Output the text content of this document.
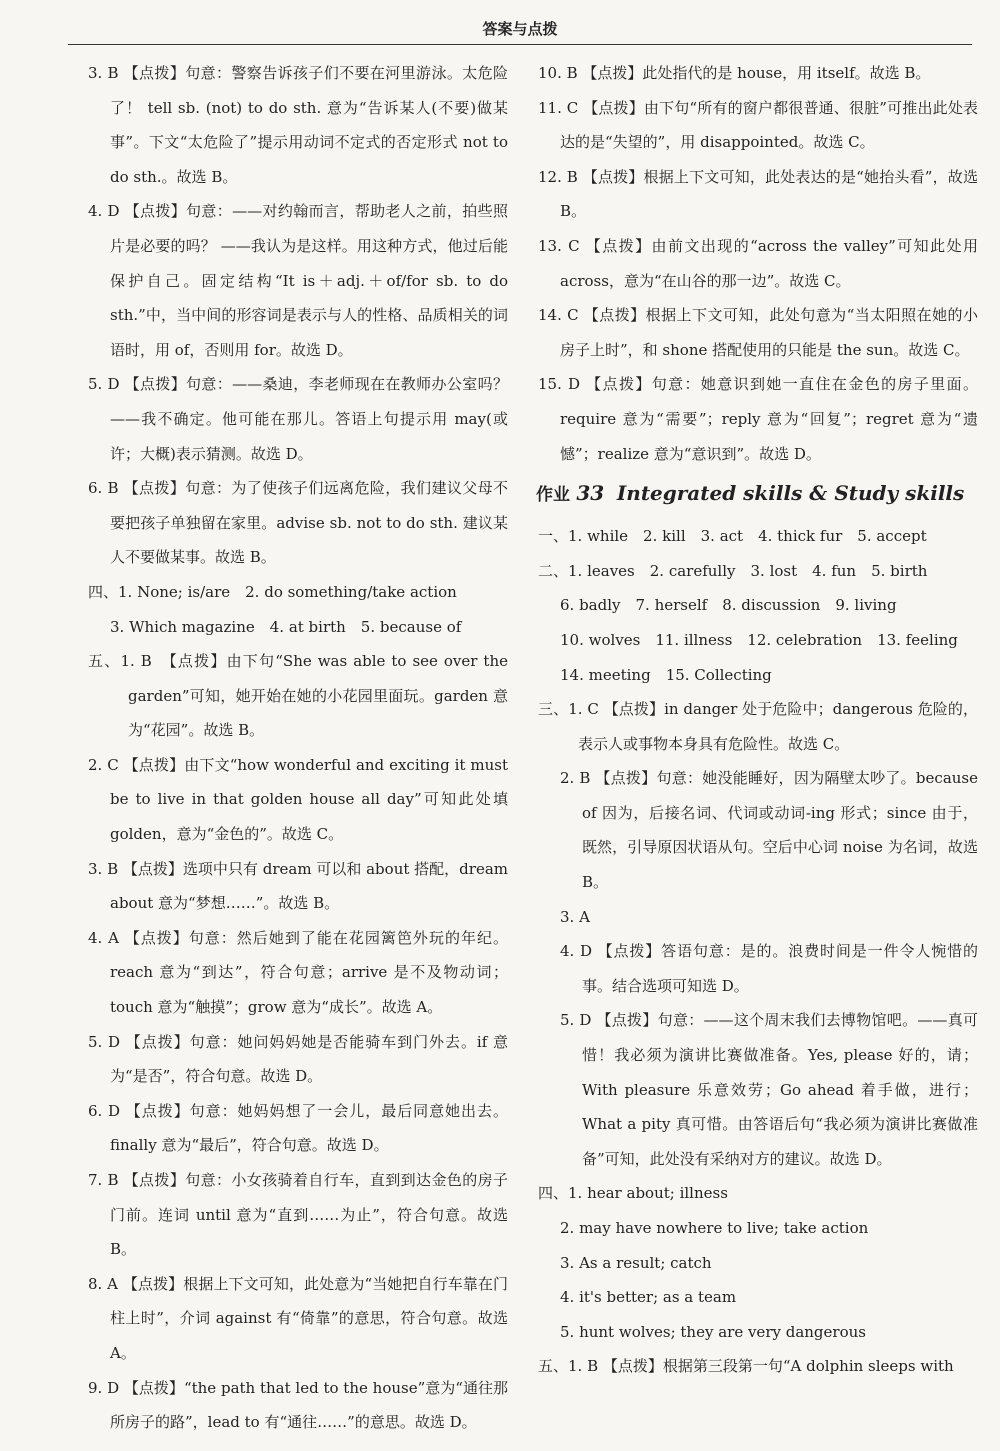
答案与点拨

3. B 【点拨】句意：警察告诉孩子们不要在河里游泳。太危险了！ tell sb. (not) to do sth. 意为“告诉某人(不要)做某事”。下文“太危险了”提示用动词不定式的否定形式 not to do sth.。故选 B。

4. D 【点拨】句意：——对约翰而言，帮助老人之前，拍些照片是必要的吗？ ——我认为是这样。用这种方式，他过后能保护自己。固定结构“It is＋adj.＋of/for sb. to do sth.”中，当中间的形容词是表示与人的性格、品质相关的词语时，用 of，否则用 for。故选 D。

5. D 【点拨】句意：——桑迪，李老师现在在教师办公室吗？ ——我不确定。他可能在那儿。答语上句提示用 may(或许；大概)表示猜测。故选 D。

6. B 【点拨】句意：为了使孩子们远离危险，我们建议父母不要把孩子单独留在家里。advise sb. not to do sth. 建议某人不要做某事。故选 B。

四、1. None; is/are　2. do something/take action

3. Which magazine　4. at birth　5. because of

五、1. B　【点拨】由下句“She was able to see over the garden”可知，她开始在她的小花园里面玩。garden 意为“花园”。故选 B。

2. C 【点拨】由下文“how wonderful and exciting it must be to live in that golden house all day”可知此处填 golden，意为“金色的”。故选 C。

3. B 【点拨】选项中只有 dream 可以和 about 搭配，dream about 意为“梦想……”。故选 B。

4. A 【点拨】句意：然后她到了能在花园篱笆外玩的年纪。reach 意为“到达”，符合句意；arrive 是不及物动词；touch 意为“触摸”；grow 意为“成长”。故选 A。

5. D 【点拨】句意：她问妈妈她是否能骑车到门外去。if 意为“是否”，符合句意。故选 D。

6. D 【点拨】句意：她妈妈想了一会儿，最后同意她出去。finally 意为“最后”，符合句意。故选 D。

7. B 【点拨】句意：小女孩骑着自行车，直到到达金色的房子门前。连词 until 意为“直到……为止”，符合句意。故选 B。

8. A 【点拨】根据上下文可知，此处意为“当她把自行车靠在门柱上时”，介词 against 有“倚靠”的意思，符合句意。故选 A。

9. D 【点拨】“the path that led to the house”意为“通往那所房子的路”，lead to 有“通往……”的意思。故选 D。

10. B 【点拨】此处指代的是 house，用 itself。故选 B。

11. C 【点拨】由下句“所有的窗户都很普通、很脏”可推出此处表达的是“失望的”，用 disappointed。故选 C。

12. B 【点拨】根据上下文可知，此处表达的是“她抬头看”，故选 B。

13. C 【点拨】由前文出现的“across the valley”可知此处用 across，意为“在山谷的那一边”。故选 C。

14. C 【点拨】根据上下文可知，此处句意为“当太阳照在她的小房子上时”，和 shone 搭配使用的只能是 the sun。故选 C。

15. D 【点拨】句意：她意识到她一直住在金色的房子里面。require 意为“需要”；reply 意为“回复”；regret 意为“遗憾”；realize 意为“意识到”。故选 D。

作业 33 Integrated skills & Study skills

一、1. while　2. kill　3. act　4. thick fur　5. accept

二、1. leaves　2. carefully　3. lost　4. fun　5. birth

6. badly　7. herself　8. discussion　9. living

10. wolves　11. illness　12. celebration　13. feeling

14. meeting　15. Collecting

三、1. C 【点拨】in danger 处于危险中；dangerous 危险的，表示人或事物本身具有危险性。故选 C。

2. B 【点拨】句意：她没能睡好，因为隔壁太吵了。because of 因为，后接名词、代词或动词-ing 形式；since 由于，既然，引导原因状语从句。空后中心词 noise 为名词，故选 B。

3. A

4. D 【点拨】答语句意：是的。浪费时间是一件令人惋惜的事。结合选项可知选 D。

5. D 【点拨】句意：——这个周末我们去博物馆吧。——真可惜！我必须为演讲比赛做准备。Yes, please 好的，请；With pleasure 乐意效劳；Go ahead 着手做，进行；What a pity 真可惜。由答语后句“我必须为演讲比赛做准备”可知，此处没有采纳对方的建议。故选 D。

四、1. hear about; illness

2. may have nowhere to live; take action

3. As a result; catch

4. it's better; as a team

5. hunt wolves; they are very dangerous

五、1. B 【点拨】根据第三段第一句“A dolphin sleeps with
